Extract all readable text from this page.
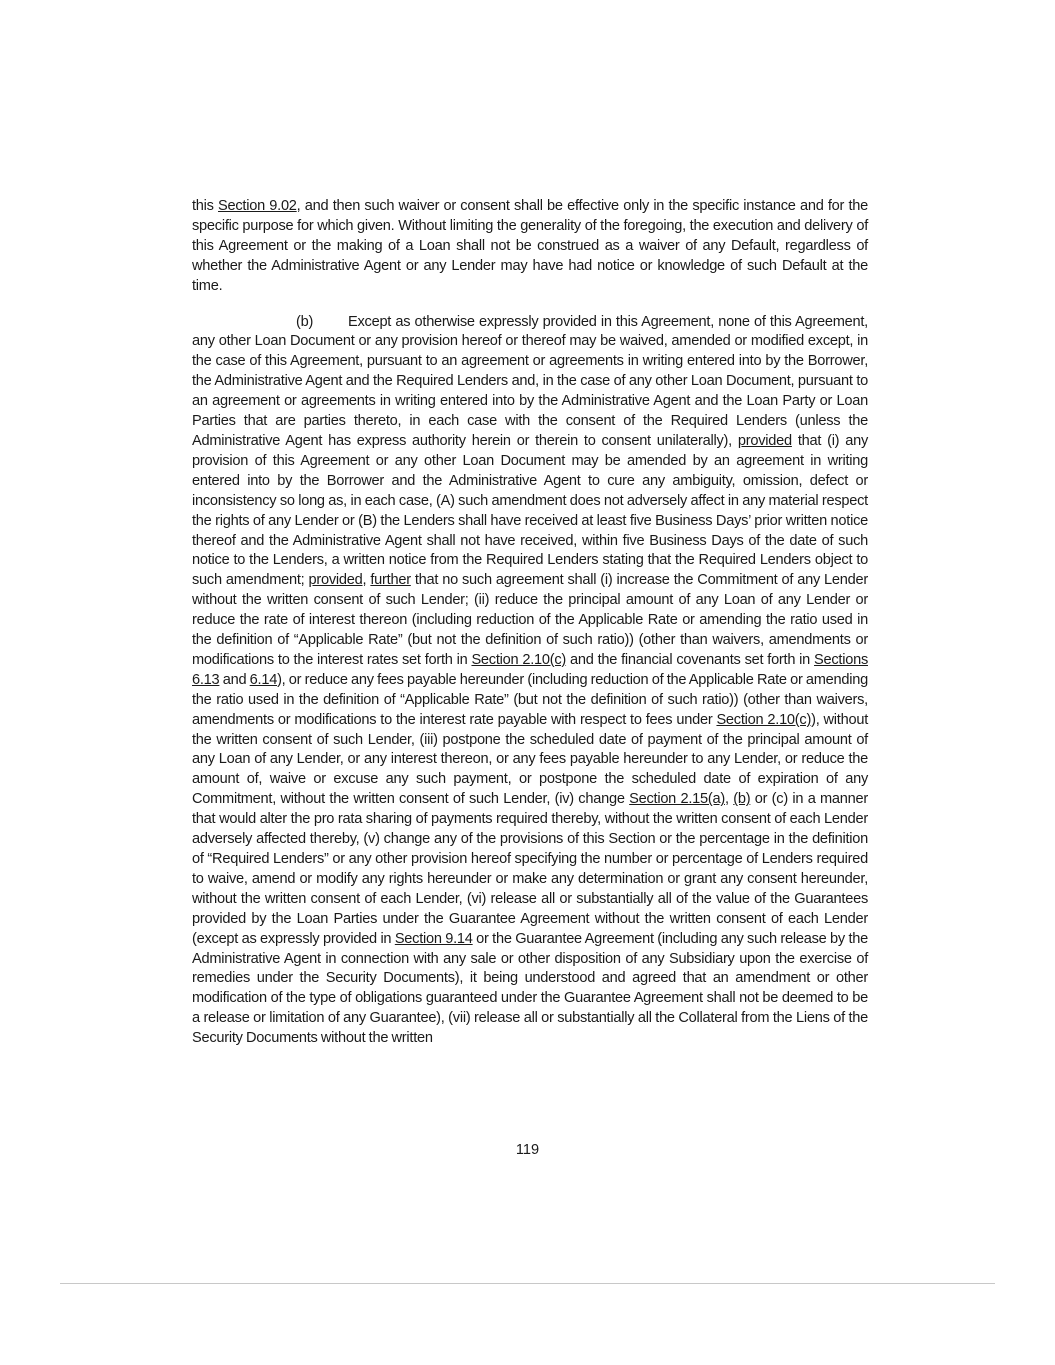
this Section 9.02, and then such waiver or consent shall be effective only in the specific instance and for the specific purpose for which given. Without limiting the generality of the foregoing, the execution and delivery of this Agreement or the making of a Loan shall not be construed as a waiver of any Default, regardless of whether the Administrative Agent or any Lender may have had notice or knowledge of such Default at the time.

(b) Except as otherwise expressly provided in this Agreement, none of this Agreement, any other Loan Document or any provision hereof or thereof may be waived, amended or modified except, in the case of this Agreement, pursuant to an agreement or agreements in writing entered into by the Borrower, the Administrative Agent and the Required Lenders and, in the case of any other Loan Document, pursuant to an agreement or agreements in writing entered into by the Administrative Agent and the Loan Party or Loan Parties that are parties thereto, in each case with the consent of the Required Lenders (unless the Administrative Agent has express authority herein or therein to consent unilaterally), provided that (i) any provision of this Agreement or any other Loan Document may be amended by an agreement in writing entered into by the Borrower and the Administrative Agent to cure any ambiguity, omission, defect or inconsistency so long as, in each case, (A) such amendment does not adversely affect in any material respect the rights of any Lender or (B) the Lenders shall have received at least five Business Days’ prior written notice thereof and the Administrative Agent shall not have received, within five Business Days of the date of such notice to the Lenders, a written notice from the Required Lenders stating that the Required Lenders object to such amendment; provided, further that no such agreement shall (i) increase the Commitment of any Lender without the written consent of such Lender; (ii) reduce the principal amount of any Loan of any Lender or reduce the rate of interest thereon (including reduction of the Applicable Rate or amending the ratio used in the definition of “Applicable Rate” (but not the definition of such ratio)) (other than waivers, amendments or modifications to the interest rates set forth in Section 2.10(c) and the financial covenants set forth in Sections 6.13 and 6.14), or reduce any fees payable hereunder (including reduction of the Applicable Rate or amending the ratio used in the definition of “Applicable Rate” (but not the definition of such ratio)) (other than waivers, amendments or modifications to the interest rate payable with respect to fees under Section 2.10(c)), without the written consent of such Lender, (iii) postpone the scheduled date of payment of the principal amount of any Loan of any Lender, or any interest thereon, or any fees payable hereunder to any Lender, or reduce the amount of, waive or excuse any such payment, or postpone the scheduled date of expiration of any Commitment, without the written consent of such Lender, (iv) change Section 2.15(a), (b) or (c) in a manner that would alter the pro rata sharing of payments required thereby, without the written consent of each Lender adversely affected thereby, (v) change any of the provisions of this Section or the percentage in the definition of “Required Lenders” or any other provision hereof specifying the number or percentage of Lenders required to waive, amend or modify any rights hereunder or make any determination or grant any consent hereunder, without the written consent of each Lender, (vi) release all or substantially all of the value of the Guarantees provided by the Loan Parties under the Guarantee Agreement without the written consent of each Lender (except as expressly provided in Section 9.14 or the Guarantee Agreement (including any such release by the Administrative Agent in connection with any sale or other disposition of any Subsidiary upon the exercise of remedies under the Security Documents), it being understood and agreed that an amendment or other modification of the type of obligations guaranteed under the Guarantee Agreement shall not be deemed to be a release or limitation of any Guarantee), (vii) release all or substantially all the Collateral from the Liens of the Security Documents without the written

119
